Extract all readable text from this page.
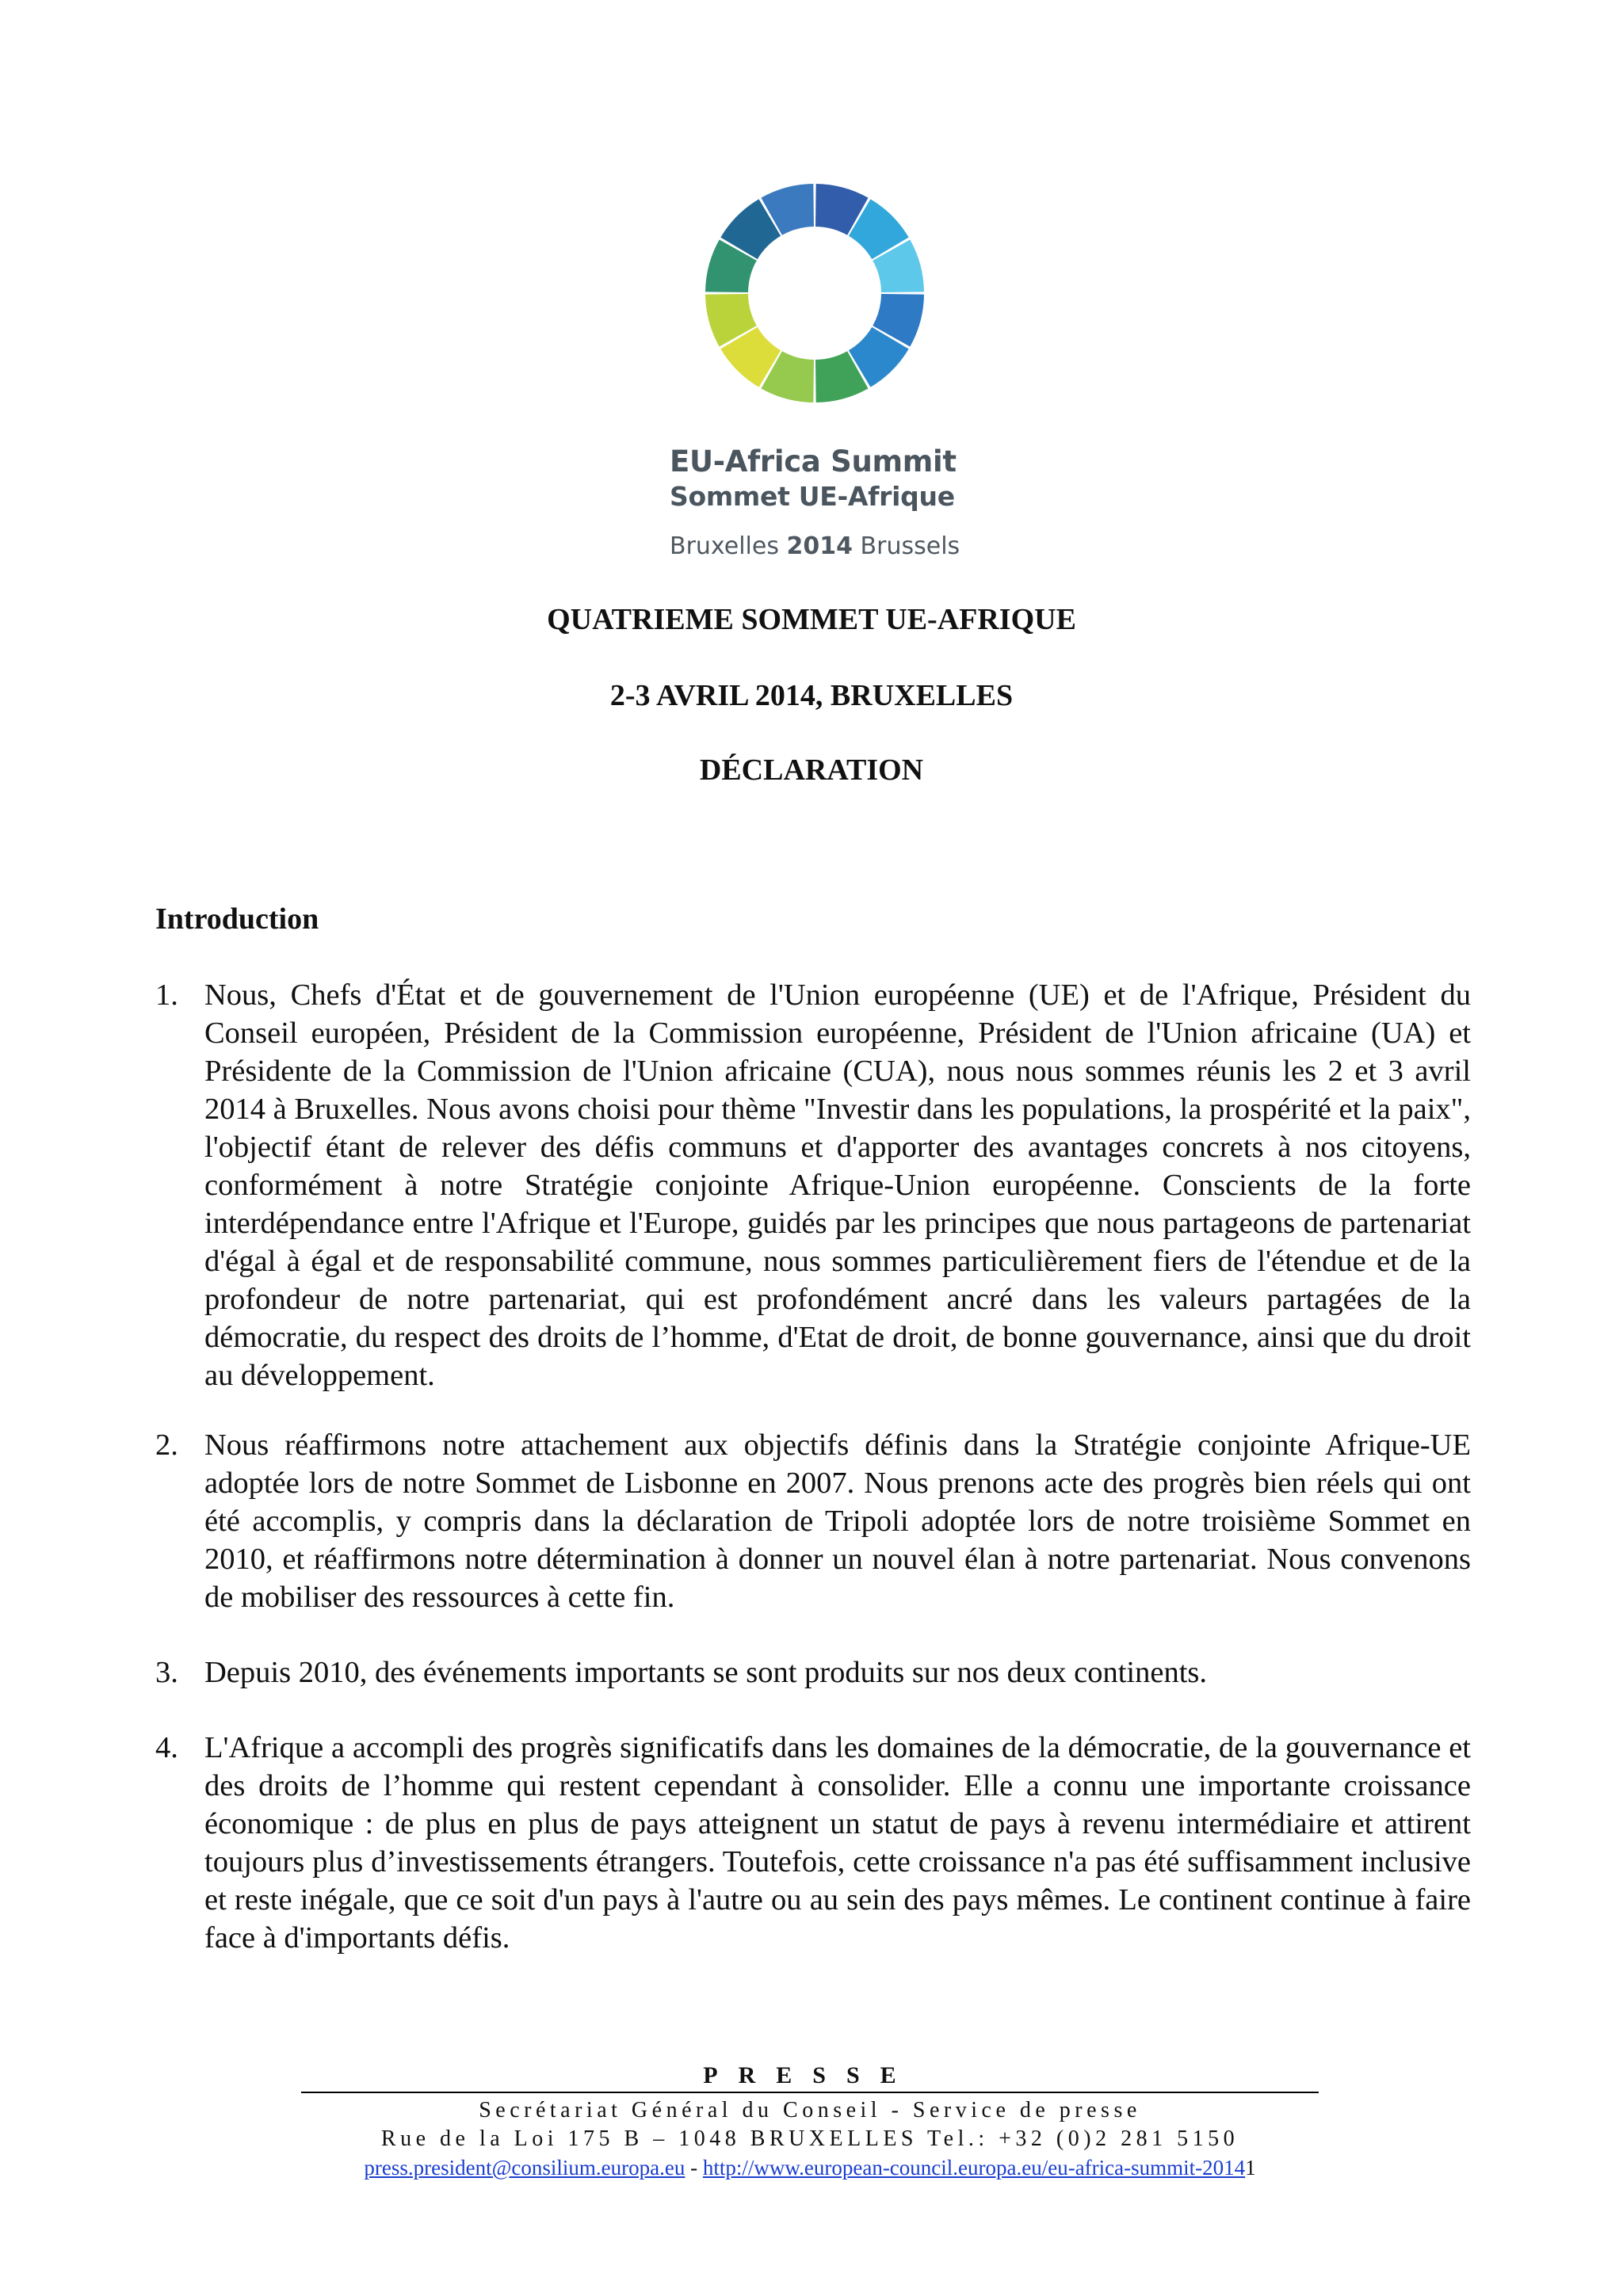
EU-Africa Summit
Sommet UE-Afrique
Bruxelles 2014 Brussels
QUATRIEME SOMMET UE-AFRIQUE
2-3 AVRIL 2014, BRUXELLES
DÉCLARATION
Introduction
1. Nous, Chefs d'État et de gouvernement de l'Union européenne (UE) et de l'Afrique, Président du Conseil européen, Président de la Commission européenne, Président de l'Union africaine (UA) et Présidente de la Commission de l'Union africaine (CUA), nous nous sommes réunis les 2 et 3 avril 2014 à Bruxelles. Nous avons choisi pour thème "Investir dans les populations, la prospérité et la paix", l'objectif étant de relever des défis communs et d'apporter des avantages concrets à nos citoyens, conformément à notre Stratégie conjointe Afrique-Union européenne. Conscients de la forte interdépendance entre l'Afrique et l'Europe, guidés par les principes que nous partageons de partenariat d'égal à égal et de responsabilité commune, nous sommes particulièrement fiers de l'étendue et de la profondeur de notre partenariat, qui est profondément ancré dans les valeurs partagées de la démocratie, du respect des droits de l’homme, d'Etat de droit, de bonne gouvernance, ainsi que du droit au développement.
2. Nous réaffirmons notre attachement aux objectifs définis dans la Stratégie conjointe Afrique-UE adoptée lors de notre Sommet de Lisbonne en 2007. Nous prenons acte des progrès bien réels qui ont été accomplis, y compris dans la déclaration de Tripoli adoptée lors de notre troisième Sommet en 2010, et réaffirmons notre détermination à donner un nouvel élan à notre partenariat. Nous convenons de mobiliser des ressources à cette fin.
3. Depuis 2010, des événements importants se sont produits sur nos deux continents.
4. L'Afrique a accompli des progrès significatifs dans les domaines de la démocratie, de la gouvernance et des droits de l’homme qui restent cependant à consolider. Elle a connu une importante croissance économique : de plus en plus de pays atteignent un statut de pays à revenu intermédiaire et attirent toujours plus d’investissements étrangers. Toutefois, cette croissance n'a pas été suffisamment inclusive et reste inégale, que ce soit d'un pays à l'autre ou au sein des pays mêmes. Le continent continue à faire face à d'importants défis.
PRESSE
Secrétariat Général du Conseil - Service de presse
Rue de la Loi 175 B – 1048 BRUXELLES Tel.: +32 (0)2 281 5150
press.president@consilium.europa.eu - http://www.european-council.europa.eu/eu-africa-summit-20141
